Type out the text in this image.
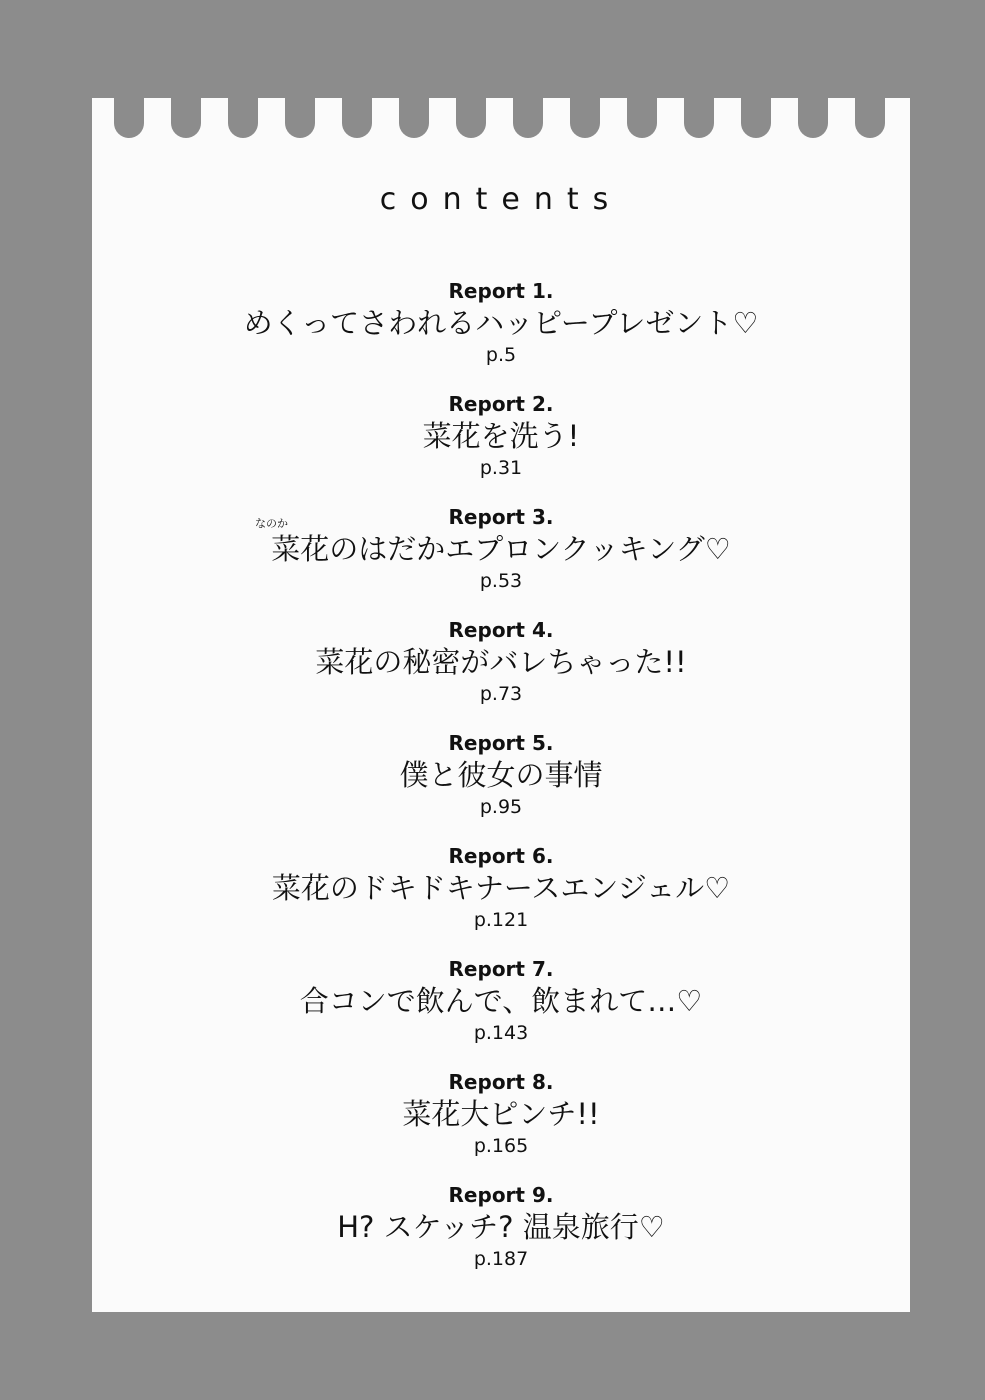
contents
なのか
Report 1.
めくってさわれるハッピープレゼント♡
p.5
Report 2.
菜花を洗う!
p.31
Report 3.
菜花のはだかエプロンクッキング♡
p.53
Report 4.
菜花の秘密がバレちゃった!!
p.73
Report 5.
僕と彼女の事情
p.95
Report 6.
菜花のドキドキナースエンジェル♡
p.121
Report 7.
合コンで飲んで、飲まれて…♡
p.143
Report 8.
菜花大ピンチ!!
p.165
Report 9.
H? スケッチ? 温泉旅行♡
p.187
